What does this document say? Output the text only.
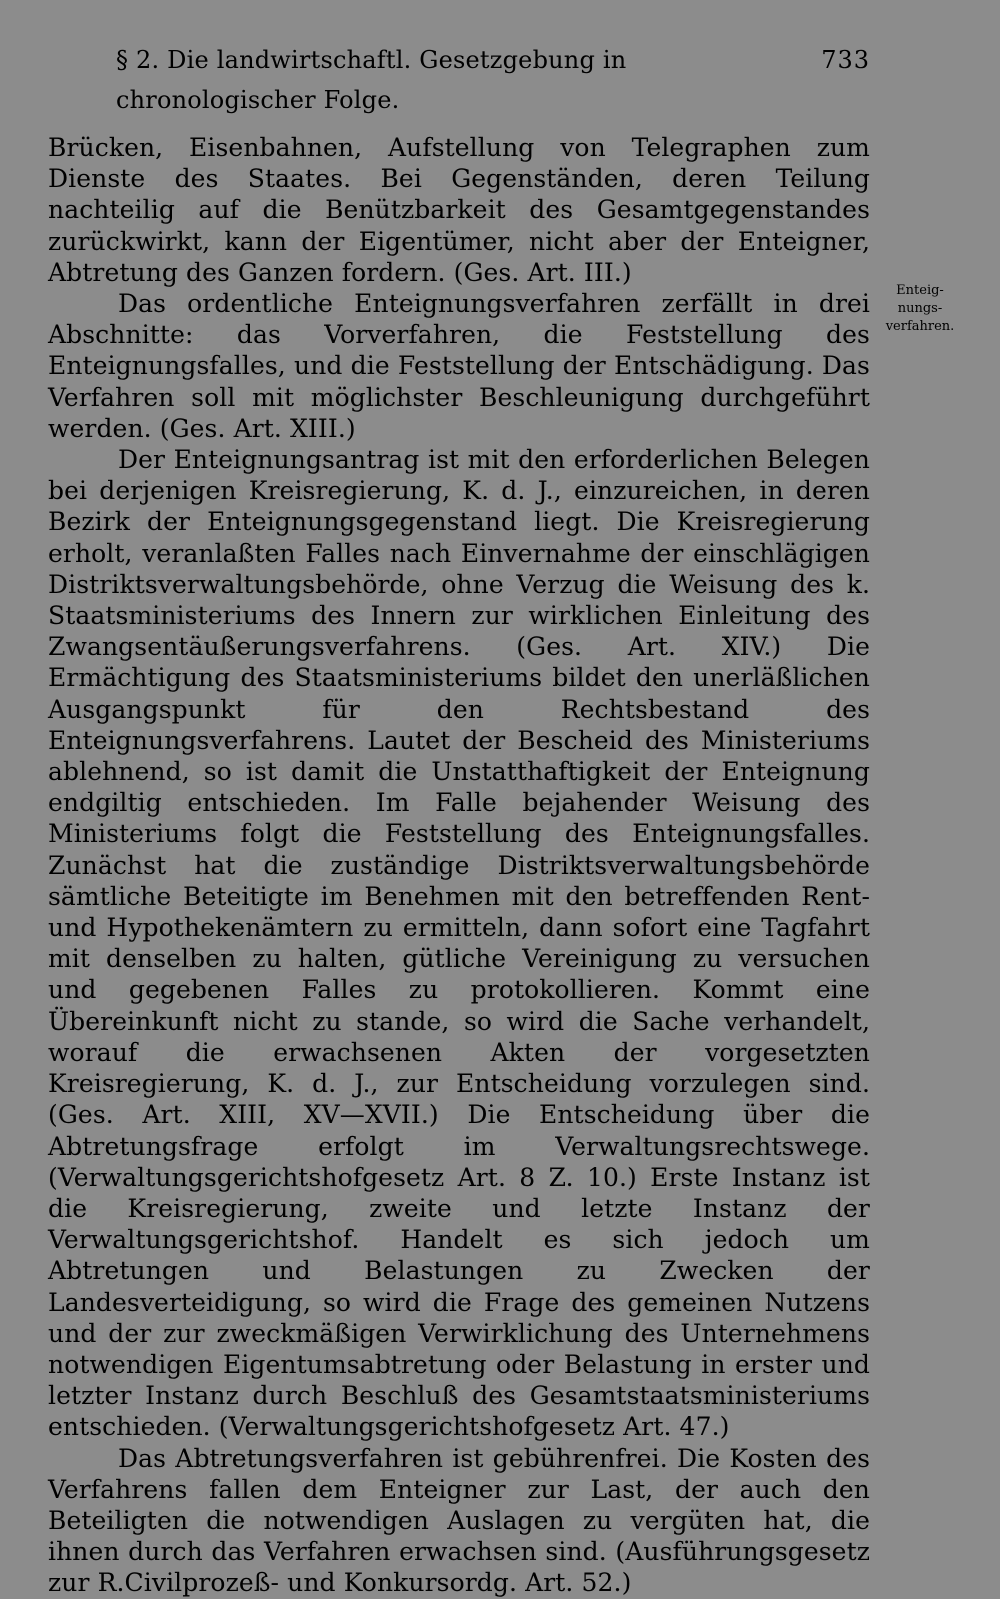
§ 2. Die landwirtschaftl. Gesetzgebung in chronologischer Folge.
733

Brücken, Eisenbahnen, Aufstellung von Telegraphen zum Dienste des Staates. Bei Gegenständen, deren Teilung nachteilig auf die Benützbarkeit des Gesamtgegenstandes zurückwirkt, kann der Eigentümer, nicht aber der Enteigner, Abtretung des Ganzen fordern. (Ges. Art. III.)

Das ordentliche Enteignungsverfahren zerfällt in drei Abschnitte: das Vorverfahren, die Feststellung des Enteignungsfalles, und die Feststellung der Entschädigung. Das Verfahren soll mit möglichster Beschleunigung durchgeführt werden. (Ges. Art. XIII.)

Der Enteignungsantrag ist mit den erforderlichen Belegen bei derjenigen Kreisregierung, K. d. J., einzureichen, in deren Bezirk der Enteignungsgegenstand liegt. Die Kreisregierung erholt, veranlaßten Falles nach Einvernahme der einschlägigen Distriktsverwaltungsbehörde, ohne Verzug die Weisung des k. Staatsministeriums des Innern zur wirklichen Einleitung des Zwangsentäußerungsverfahrens. (Ges. Art. XIV.) Die Ermächtigung des Staatsministeriums bildet den unerläßlichen Ausgangspunkt für den Rechtsbestand des Enteignungsverfahrens. Lautet der Bescheid des Ministeriums ablehnend, so ist damit die Unstatthaftigkeit der Enteignung endgiltig entschieden. Im Falle bejahender Weisung des Ministeriums folgt die Feststellung des Enteignungsfalles. Zunächst hat die zuständige Distriktsverwaltungsbehörde sämtliche Beteitigte im Benehmen mit den betreffenden Rent- und Hypothekenämtern zu ermitteln, dann sofort eine Tagfahrt mit denselben zu halten, gütliche Vereinigung zu versuchen und gegebenen Falles zu protokollieren. Kommt eine Übereinkunft nicht zu stande, so wird die Sache verhandelt, worauf die erwachsenen Akten der vorgesetzten Kreisregierung, K. d. J., zur Entscheidung vorzulegen sind. (Ges. Art. XIII, XV—XVII.) Die Entscheidung über die Abtretungsfrage erfolgt im Verwaltungsrechtswege. (Verwaltungsgerichtshofgesetz Art. 8 Z. 10.) Erste Instanz ist die Kreisregierung, zweite und letzte Instanz der Verwaltungsgerichtshof. Handelt es sich jedoch um Abtretungen und Belastungen zu Zwecken der Landesverteidigung, so wird die Frage des gemeinen Nutzens und der zur zweckmäßigen Verwirklichung des Unternehmens notwendigen Eigentumsabtretung oder Belastung in erster und letzter Instanz durch Beschluß des Gesamtstaatsministeriums entschieden. (Verwaltungsgerichtshofgesetz Art. 47.)

Das Abtretungsverfahren ist gebührenfrei. Die Kosten des Verfahrens fallen dem Enteigner zur Last, der auch den Beteiligten die notwendigen Auslagen zu vergüten hat, die ihnen durch das Verfahren erwachsen sind. (Ausführungsgesetz zur R.Civilprozeß- und Konkursordg. Art. 52.)

Enteig-
nungs-
verfahren.
